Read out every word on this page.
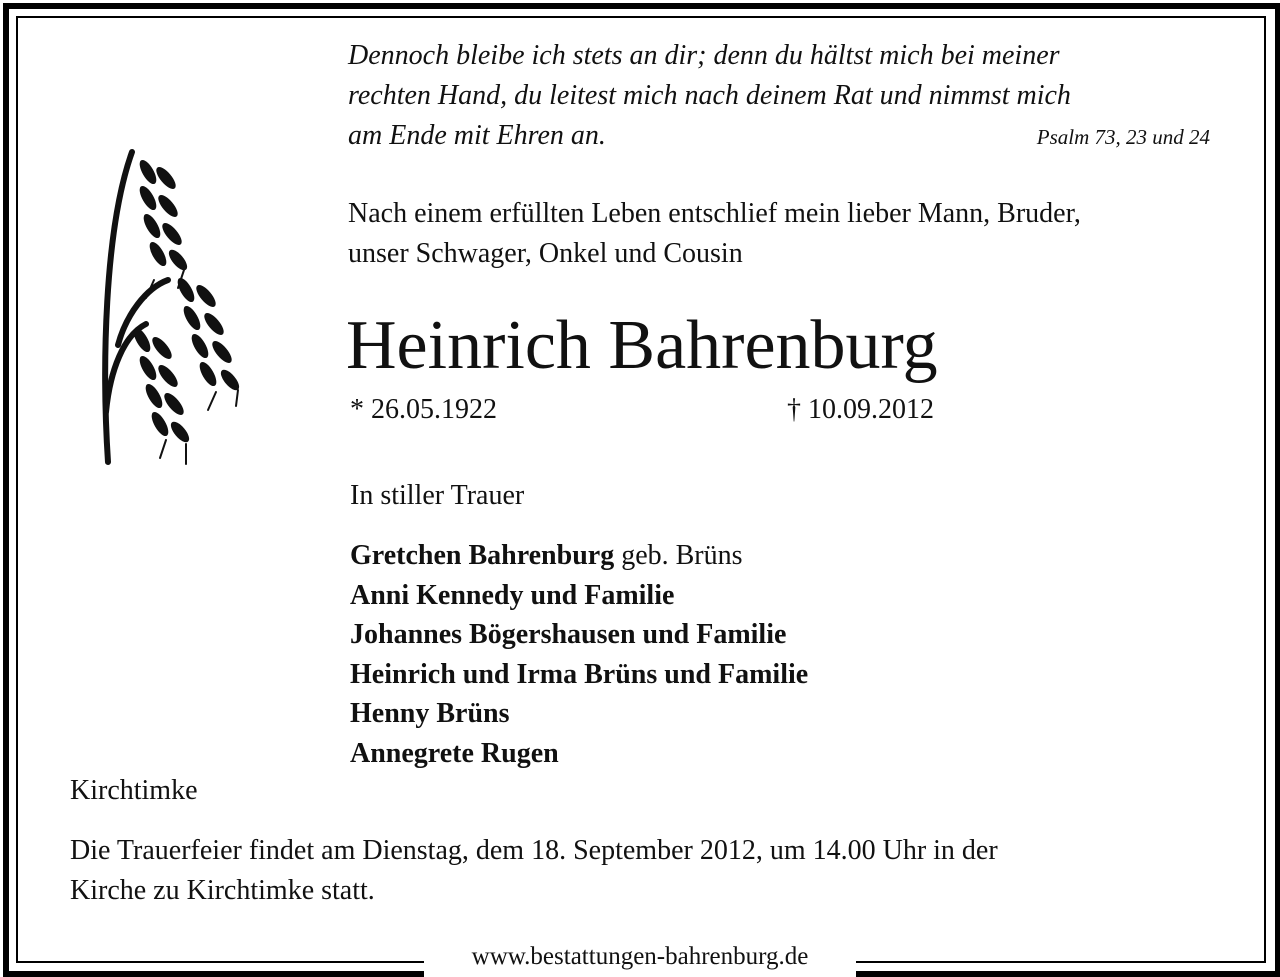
www.bestattungen-bahrenburg.de
Dennoch bleibe ich stets an dir; denn du hältst mich bei meiner
rechten Hand, du leitest mich nach deinem Rat und nimmst mich
am Ende mit Ehren an.	Psalm 73, 23 und 24
Nach einem erfüllten Leben entschlief mein lieber Mann, Bruder,
unser Schwager, Onkel und Cousin
Heinrich Bahrenburg
* 26.05.1922	† 10.09.2012
In stiller Trauer
Gretchen Bahrenburg geb. Brüns
Anni Kennedy und Familie
Johannes Bögershausen und Familie
Heinrich und Irma Brüns und Familie
Henny Brüns
Annegrete Rugen
Kirchtimke
Die Trauerfeier findet am Dienstag, dem 18. September 2012, um 14.00 Uhr in der
Kirche zu Kirchtimke statt.
